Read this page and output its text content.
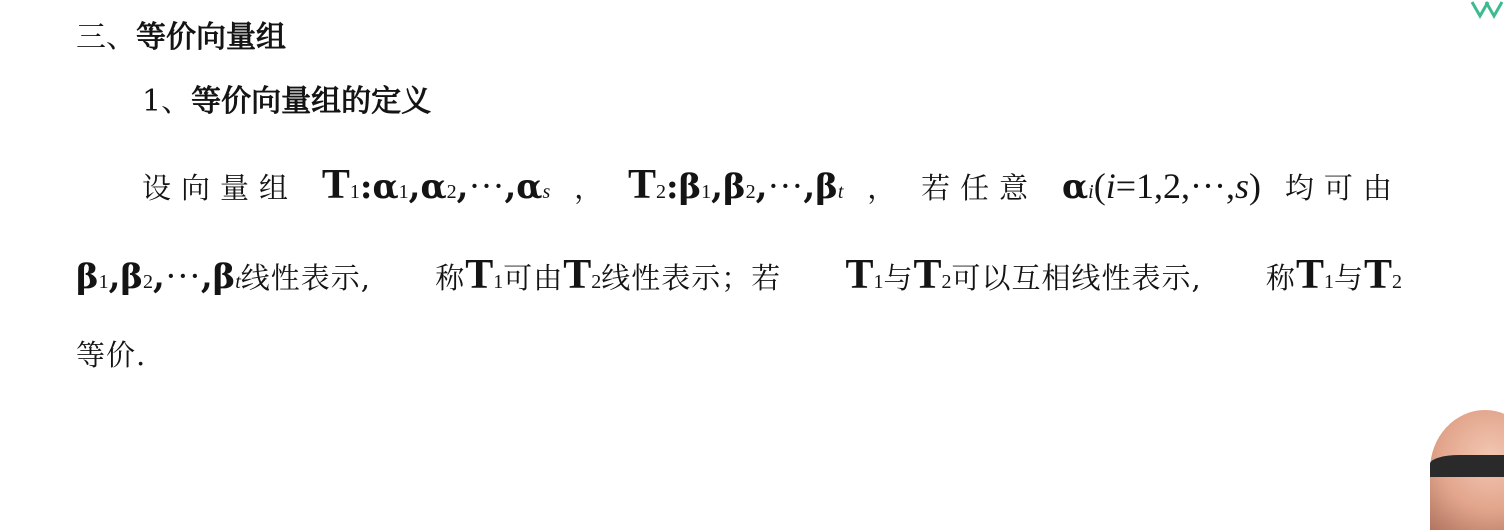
三、等价向量组
1、等价向量组的定义
设向量组 T 1 : α 1 , α 2 , ··· , α s ， T 2 : β 1 , β 2 , ··· , β t ， 若任意 α i ( i = 1,2, ··· , s ) 均可由
β 1 , β 2 , ··· , β t 线性表示, 称 T 1 可由 T 2 线性表示；若 T 1 与 T 2 可以互相线性表示, 称 T 1 与 T 2
等价.
